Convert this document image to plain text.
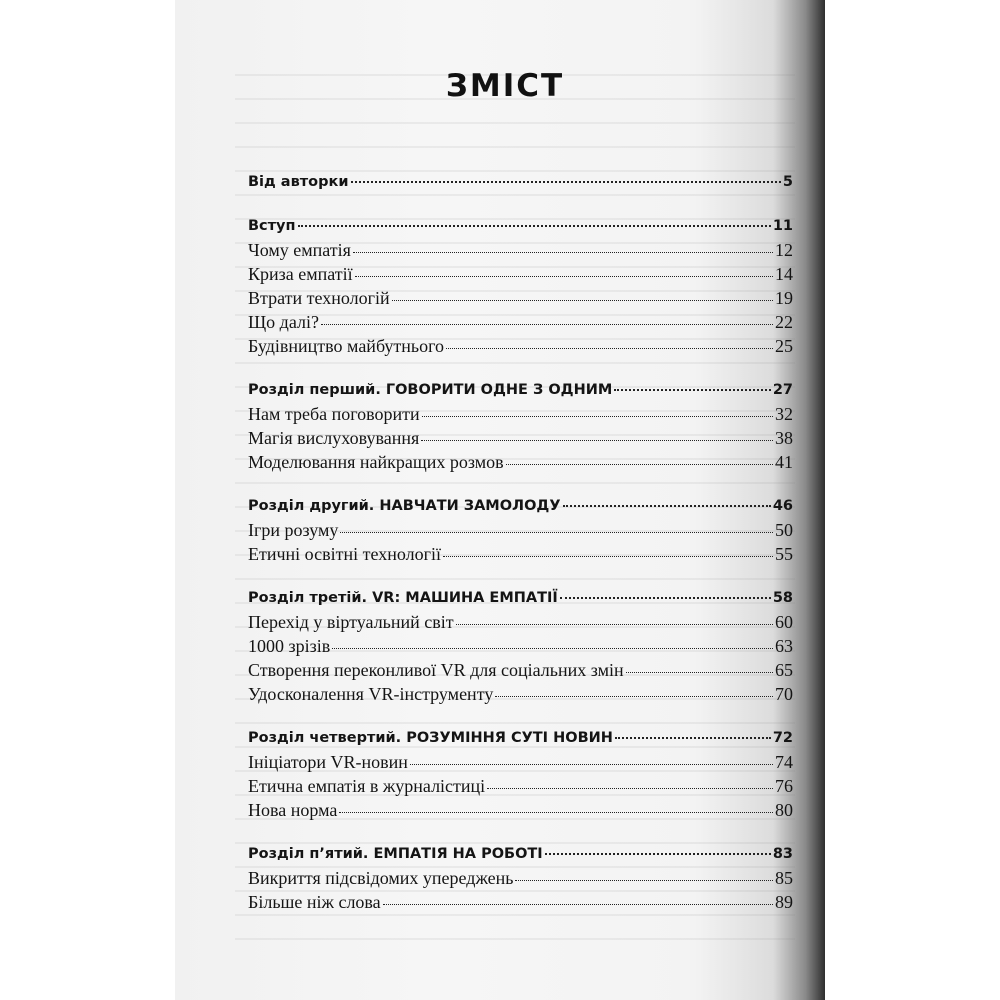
ЗМІСТ
Від авторки	5
Вступ	11
Чому емпатія	12
Криза емпатії	14
Втрати технологій	19
Що далі?	22
Будівництво майбутнього	25
Розділ перший. ГОВОРИТИ ОДНЕ З ОДНИМ	27
Нам треба поговорити	32
Магія вислуховування	38
Моделювання найкращих розмов	41
Розділ другий. НАВЧАТИ ЗАМОЛОДУ	46
Ігри розуму	50
Етичні освітні технології	55
Розділ третій. VR: МАШИНА ЕМПАТІЇ	58
Перехід у віртуальний світ	60
1000 зрізів	63
Створення переконливої VR для соціальних змін	65
Удосконалення VR-інструменту	70
Розділ четвертий. РОЗУМІННЯ СУТІ НОВИН	72
Ініціатори VR-новин	74
Етична емпатія в журналістиці	76
Нова норма	80
Розділ п’ятий. ЕМПАТІЯ НА РОБОТІ	83
Викриття підсвідомих упереджень	85
Більше ніж слова	89
